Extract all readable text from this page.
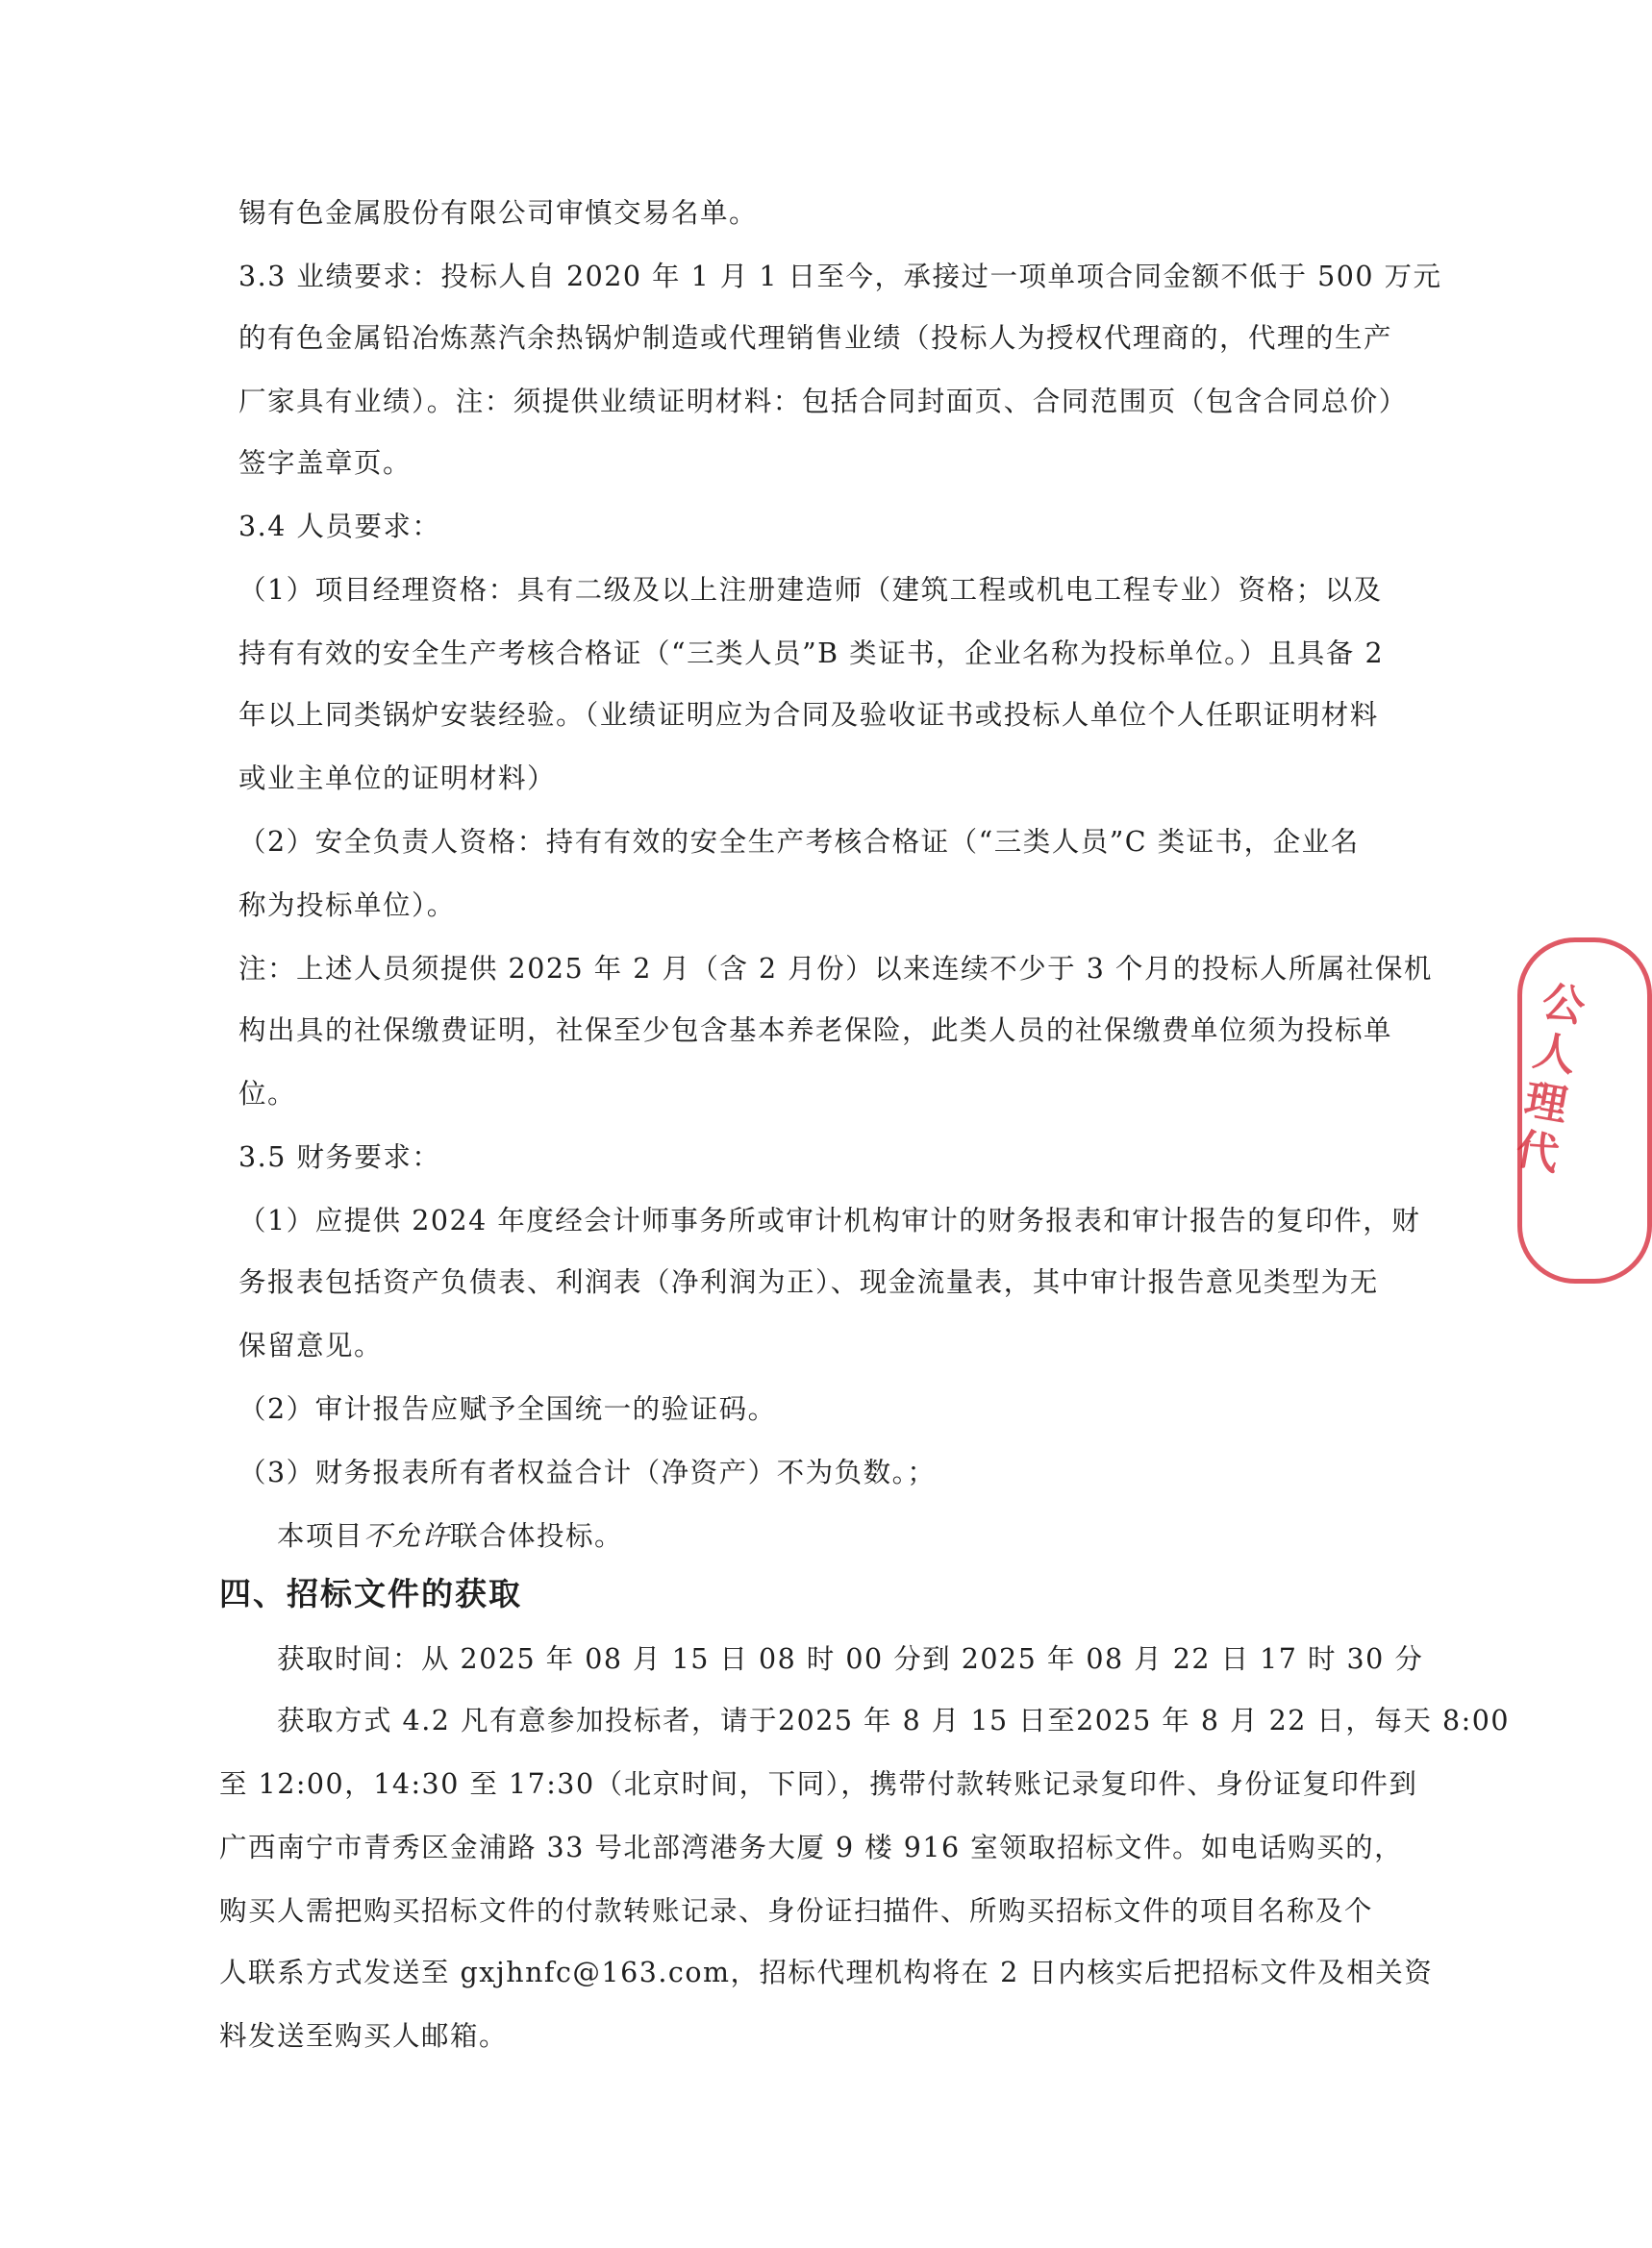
锡有色金属股份有限公司审慎交易名单。
3.3 业绩要求：投标人自 2020 年 1 月 1 日至今，承接过一项单项合同金额不低于 500 万元
的有色金属铅冶炼蒸汽余热锅炉制造或代理销售业绩（投标人为授权代理商的，代理的生产
厂家具有业绩）。注：须提供业绩证明材料：包括合同封面页、合同范围页（包含合同总价）
签字盖章页。
3.4 人员要求：
（1）项目经理资格：具有二级及以上注册建造师（建筑工程或机电工程专业）资格；以及
持有有效的安全生产考核合格证（“三类人员”B 类证书，企业名称为投标单位。）且具备 2
年以上同类锅炉安装经验。（业绩证明应为合同及验收证书或投标人单位个人任职证明材料
或业主单位的证明材料）
（2）安全负责人资格：持有有效的安全生产考核合格证（“三类人员”C 类证书，企业名
称为投标单位）。
注：上述人员须提供 2025 年 2 月（含 2 月份）以来连续不少于 3 个月的投标人所属社保机
构出具的社保缴费证明，社保至少包含基本养老保险，此类人员的社保缴费单位须为投标单
位。
3.5 财务要求：
（1）应提供 2024 年度经会计师事务所或审计机构审计的财务报表和审计报告的复印件，财
务报表包括资产负债表、利润表（净利润为正）、现金流量表，其中审计报告意见类型为无
保留意见。
（2）审计报告应赋予全国统一的验证码。
（3）财务报表所有者权益合计（净资产）不为负数。；
本项目不允许联合体投标。
四、招标文件的获取
获取时间：从 2025 年 08 月 15 日 08 时 00 分到 2025 年 08 月 22 日 17 时 30 分
获取方式 4.2 凡有意参加投标者，请于2025 年 8 月 15 日至2025 年 8 月 22 日，每天 8:00
至 12:00，14:30 至 17:30（北京时间，下同），携带付款转账记录复印件、身份证复印件到
广西南宁市青秀区金浦路 33 号北部湾港务大厦 9 楼 916 室领取招标文件。如电话购买的，
购买人需把购买招标文件的付款转账记录、身份证扫描件、所购买招标文件的项目名称及个
人联系方式发送至 gxjhnfc@163.com，招标代理机构将在 2 日内核实后把招标文件及相关资
料发送至购买人邮箱。
公人理代
